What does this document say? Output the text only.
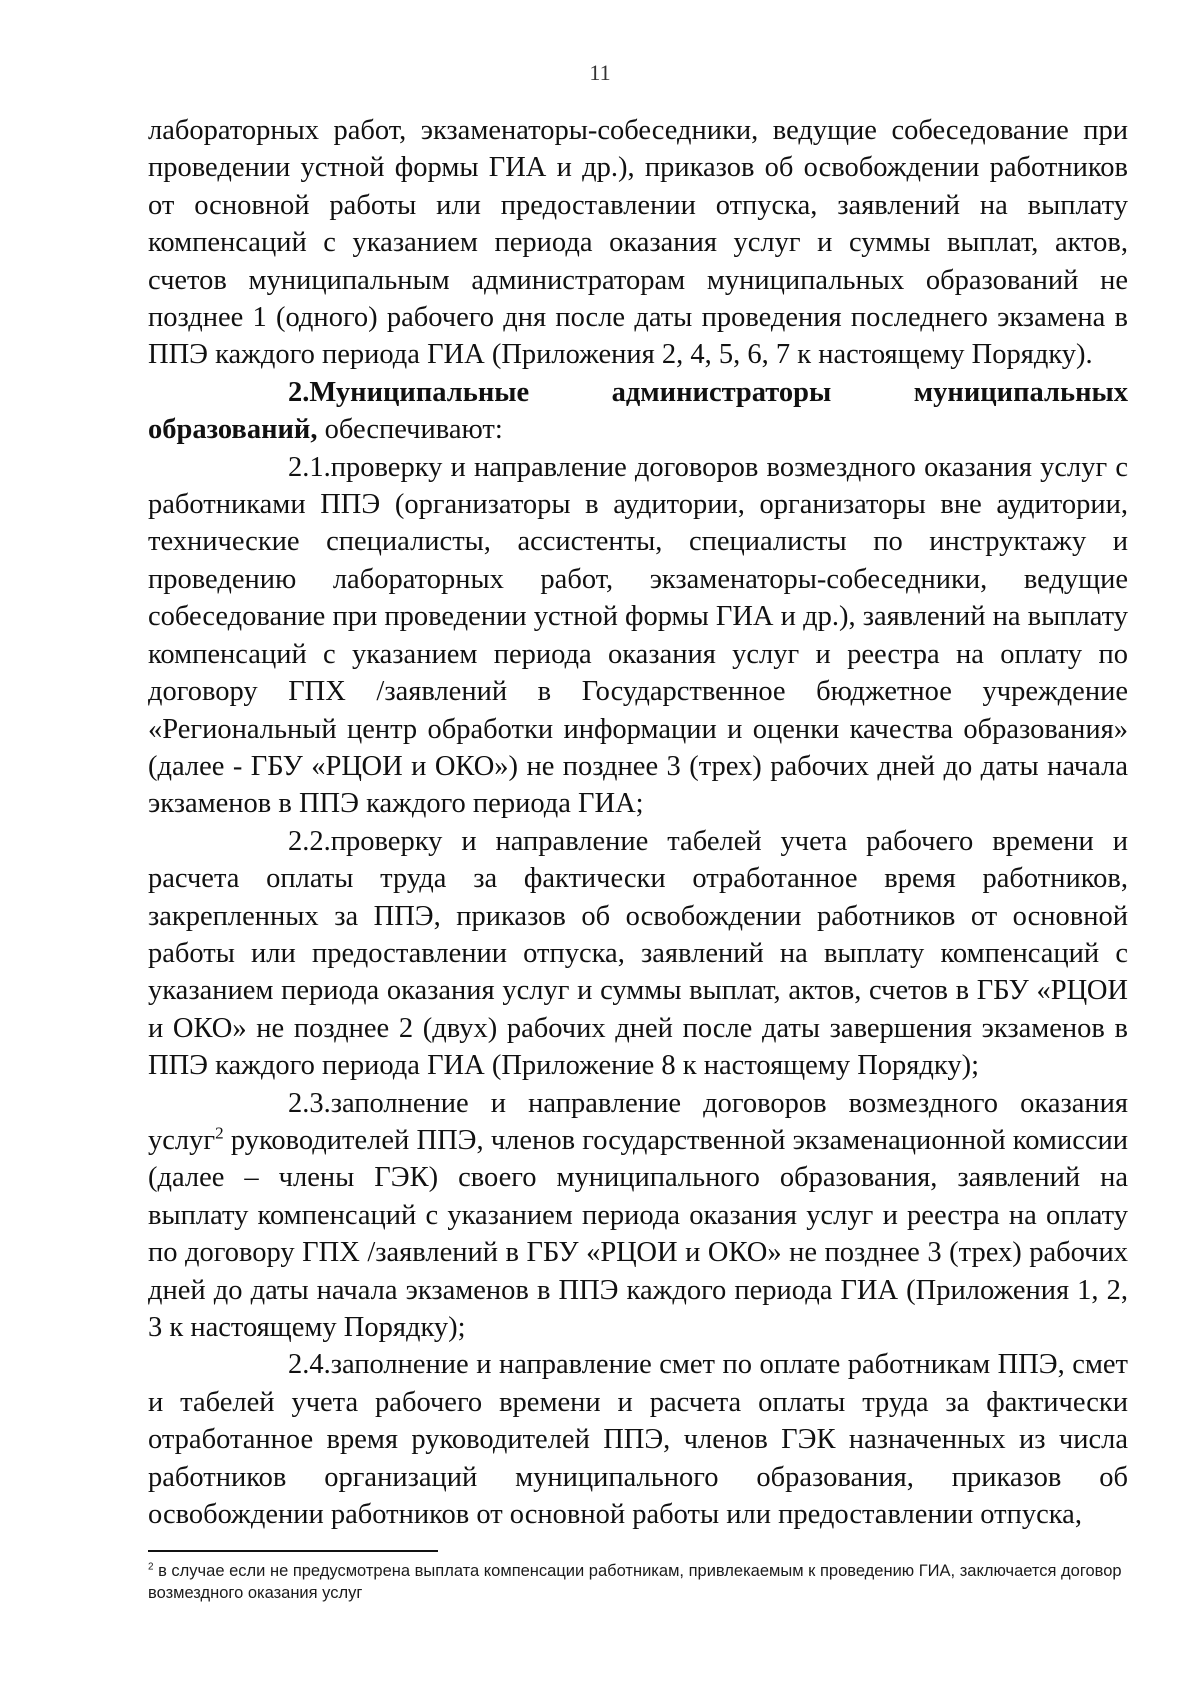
11

лабораторных работ, экзаменаторы-собеседники, ведущие собеседование при проведении устной формы ГИА и др.), приказов об освобождении работников от основной работы или предоставлении отпуска, заявлений на выплату компенсаций с указанием периода оказания услуг и суммы выплат, актов, счетов муниципальным администраторам муниципальных образований не позднее 1 (одного) рабочего дня после даты проведения последнего экзамена в ППЭ каждого периода ГИА (Приложения 2, 4, 5, 6, 7 к настоящему Порядку).

2.Муниципальные администраторы муниципальных образований, обеспечивают:

2.1.проверку и направление договоров возмездного оказания услуг с работниками ППЭ (организаторы в аудитории, организаторы вне аудитории, технические специалисты, ассистенты, специалисты по инструктажу и проведению лабораторных работ, экзаменаторы-собеседники, ведущие собеседование при проведении устной формы ГИА и др.), заявлений на выплату компенсаций с указанием периода оказания услуг и реестра на оплату по договору ГПХ /заявлений в Государственное бюджетное учреждение «Региональный центр обработки информации и оценки качества образования» (далее - ГБУ «РЦОИ и ОКО») не позднее 3 (трех) рабочих дней до даты начала экзаменов в ППЭ каждого периода ГИА;

2.2.проверку и направление табелей учета рабочего времени и расчета оплаты труда за фактически отработанное время работников, закрепленных за ППЭ, приказов об освобождении работников от основной работы или предоставлении отпуска, заявлений на выплату компенсаций с указанием периода оказания услуг и суммы выплат, актов, счетов в ГБУ «РЦОИ и ОКО» не позднее 2 (двух) рабочих дней после даты завершения экзаменов в ППЭ каждого периода ГИА (Приложение 8 к настоящему Порядку);

2.3.заполнение и направление договоров возмездного оказания услуг$^2$ руководителей ППЭ, членов государственной экзаменационной комиссии (далее – члены ГЭК) своего муниципального образования, заявлений на выплату компенсаций с указанием периода оказания услуг и реестра на оплату по договору ГПХ /заявлений в ГБУ «РЦОИ и ОКО» не позднее 3 (трех) рабочих дней до даты начала экзаменов в ППЭ каждого периода ГИА (Приложения 1, 2, 3 к настоящему Порядку);

2.4.заполнение и направление смет по оплате работникам ППЭ, смет и табелей учета рабочего времени и расчета оплаты труда за фактически отработанное время руководителей ППЭ, членов ГЭК назначенных из числа работников организаций муниципального образования, приказов об освобождении работников от основной работы или предоставлении отпуска,

$^2$ в случае если не предусмотрена выплата компенсации работникам, привлекаемым к проведению ГИА, заключается договор возмездного оказания услуг
